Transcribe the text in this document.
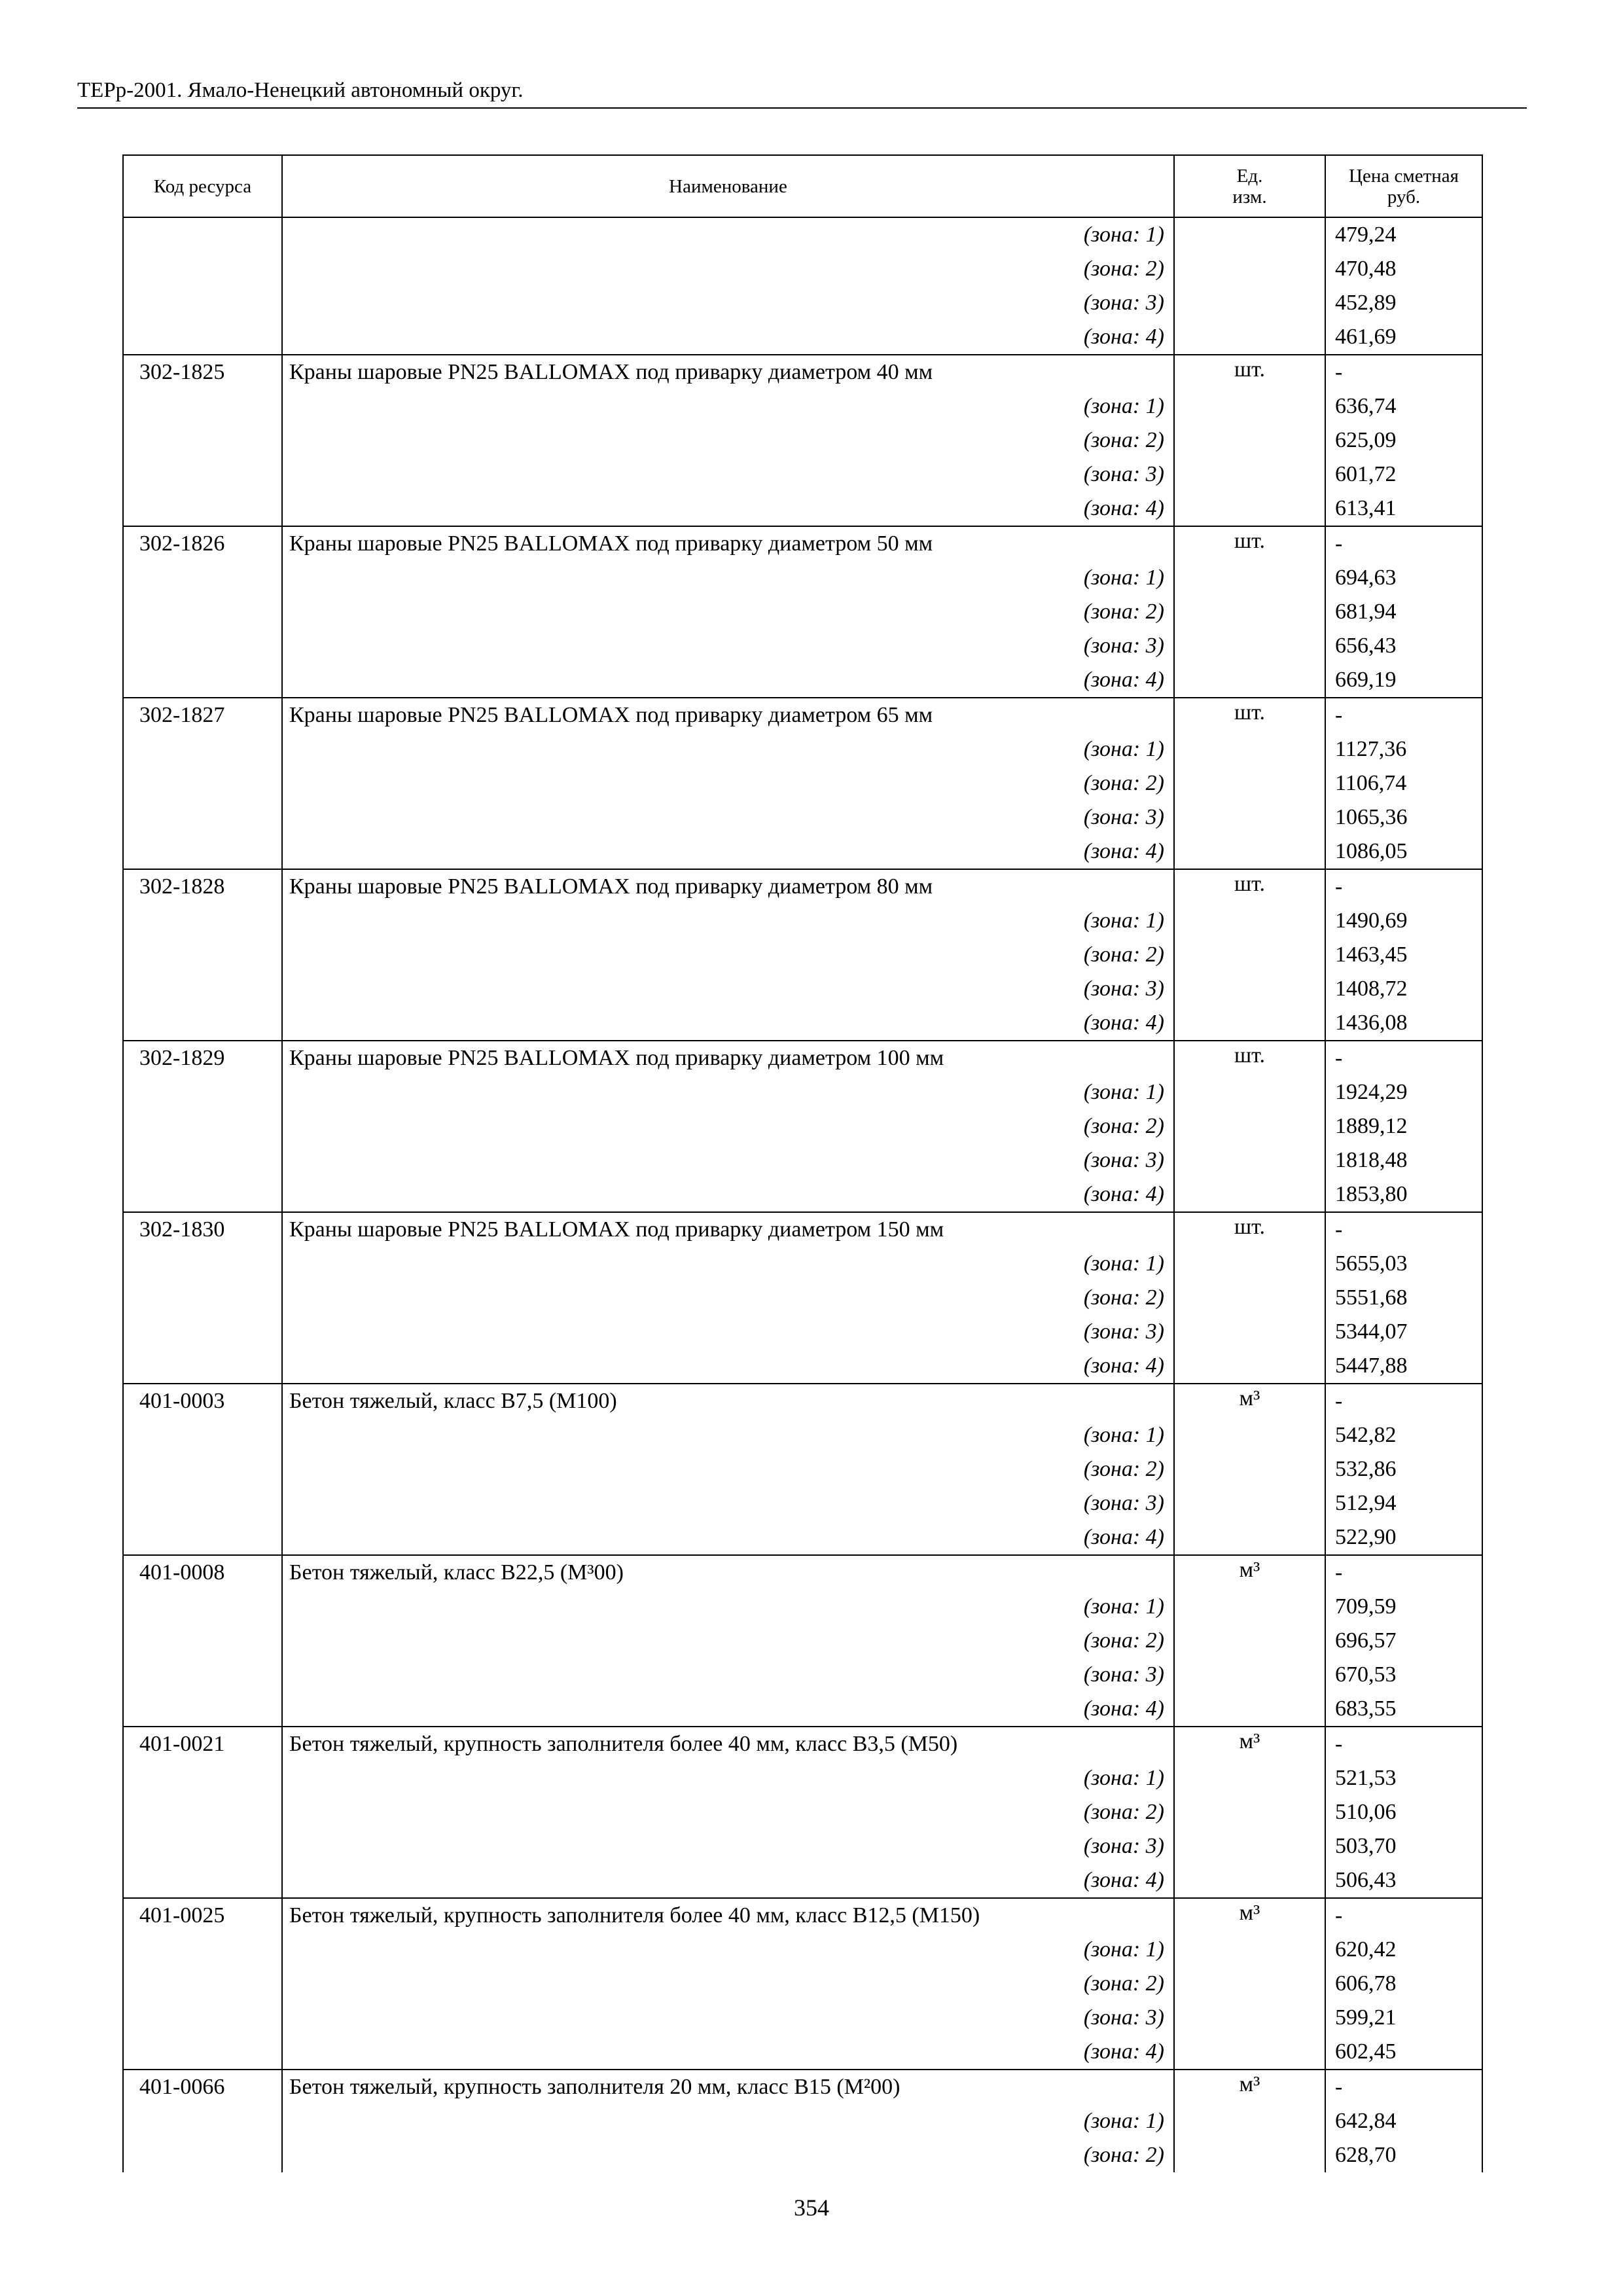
ТЕРр-2001. Ямало-Ненецкий автономный округ.
Код ресурса	Наименование	Ед. изм.	Цена сметная руб.
	(зона: 1)		479,24
	(зона: 2)		470,48
	(зона: 3)		452,89
	(зона: 4)		461,69
302-1825	Краны шаровые PN25 BALLOMAX под приварку диаметром 40 мм	шт.	-
	(зона: 1)		636,74
	(зона: 2)		625,09
	(зона: 3)		601,72
	(зона: 4)		613,41
302-1826	Краны шаровые PN25 BALLOMAX под приварку диаметром 50 мм	шт.	-
	(зона: 1)		694,63
	(зона: 2)		681,94
	(зона: 3)		656,43
	(зона: 4)		669,19
302-1827	Краны шаровые PN25 BALLOMAX под приварку диаметром 65 мм	шт.	-
	(зона: 1)		1127,36
	(зона: 2)		1106,74
	(зона: 3)		1065,36
	(зона: 4)		1086,05
302-1828	Краны шаровые PN25 BALLOMAX под приварку диаметром 80 мм	шт.	-
	(зона: 1)		1490,69
	(зона: 2)		1463,45
	(зона: 3)		1408,72
	(зона: 4)		1436,08
302-1829	Краны шаровые PN25 BALLOMAX под приварку диаметром 100 мм	шт.	-
	(зона: 1)		1924,29
	(зона: 2)		1889,12
	(зона: 3)		1818,48
	(зона: 4)		1853,80
302-1830	Краны шаровые PN25 BALLOMAX под приварку диаметром 150 мм	шт.	-
	(зона: 1)		5655,03
	(зона: 2)		5551,68
	(зона: 3)		5344,07
	(зона: 4)		5447,88
401-0003	Бетон тяжелый, класс В7,5 (М100)	м³	-
	(зона: 1)		542,82
	(зона: 2)		532,86
	(зона: 3)		512,94
	(зона: 4)		522,90
401-0008	Бетон тяжелый, класс В22,5 (М³00)	м³	-
	(зона: 1)		709,59
	(зона: 2)		696,57
	(зона: 3)		670,53
	(зона: 4)		683,55
401-0021	Бетон тяжелый, крупность заполнителя более 40 мм, класс В3,5 (М50)	м³	-
	(зона: 1)		521,53
	(зона: 2)		510,06
	(зона: 3)		503,70
	(зона: 4)		506,43
401-0025	Бетон тяжелый, крупность заполнителя более 40 мм, класс В12,5 (М150)	м³	-
	(зона: 1)		620,42
	(зона: 2)		606,78
	(зона: 3)		599,21
	(зона: 4)		602,45
401-0066	Бетон тяжелый, крупность заполнителя 20 мм, класс В15 (М²00)	м³	-
	(зона: 1)		642,84
	(зона: 2)		628,70
354
